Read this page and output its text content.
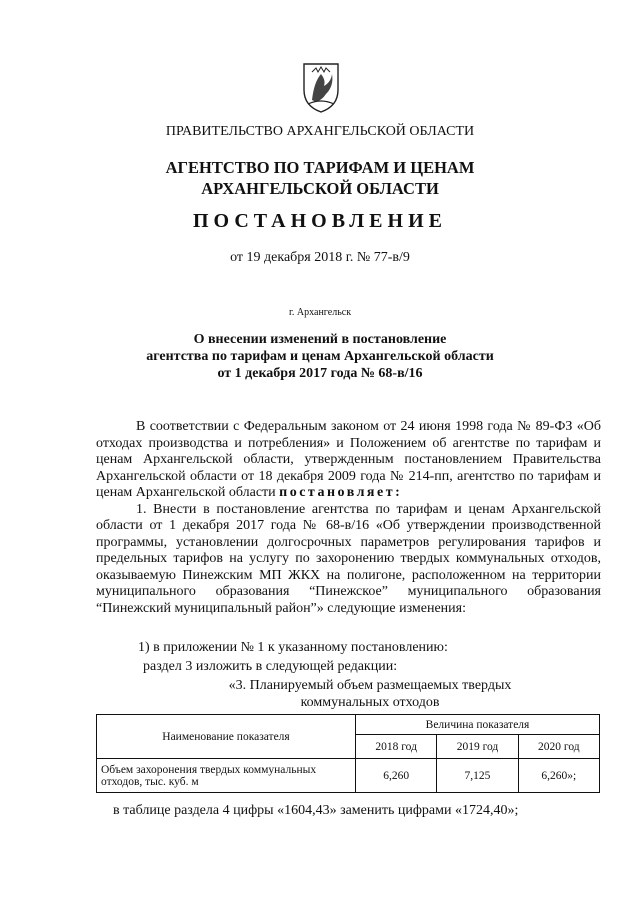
ПРАВИТЕЛЬСТВО АРХАНГЕЛЬСКОЙ ОБЛАСТИ
АГЕНТСТВО ПО ТАРИФАМ И ЦЕНАМ
АРХАНГЕЛЬСКОЙ ОБЛАСТИ
ПОСТАНОВЛЕНИЕ
от 19 декабря 2018 г. № 77-в/9
г. Архангельск
О внесении изменений в постановление
агентства по тарифам и ценам Архангельской области
от 1 декабря 2017 года № 68-в/16
В соответствии с Федеральным законом от 24 июня 1998 года № 89-ФЗ «Об отходах производства и потребления» и Положением об агентстве по тарифам и ценам Архангельской области, утвержденным постановлением Правительства Архангельской области от 18 декабря 2009 года № 214-пп, агентство по тарифам и ценам Архангельской области постановляет:
1. Внести в постановление агентства по тарифам и ценам Архангельской области от 1 декабря 2017 года № 68-в/16 «Об утверждении производственной программы, установлении долгосрочных параметров регулирования тарифов и предельных тарифов на услугу по захоронению твердых коммунальных отходов, оказываемую Пинежским МП ЖКХ на полигоне, расположенном на территории муниципального образования “Пинежское” муниципального образования “Пинежский муниципальный район”» следующие изменения:
1) в приложении № 1 к указанному постановлению:
раздел 3 изложить в следующей редакции:
«3. Планируемый объем размещаемых твердых
коммунальных отходов
Наименование показателя	Величина показателя		
	2018 год	2019 год	2020 год
Объем захоронения твердых коммунальных отходов, тыс. куб. м	6,260	7,125	6,260»;
в таблице раздела 4 цифры «1604,43» заменить цифрами «1724,40»;
